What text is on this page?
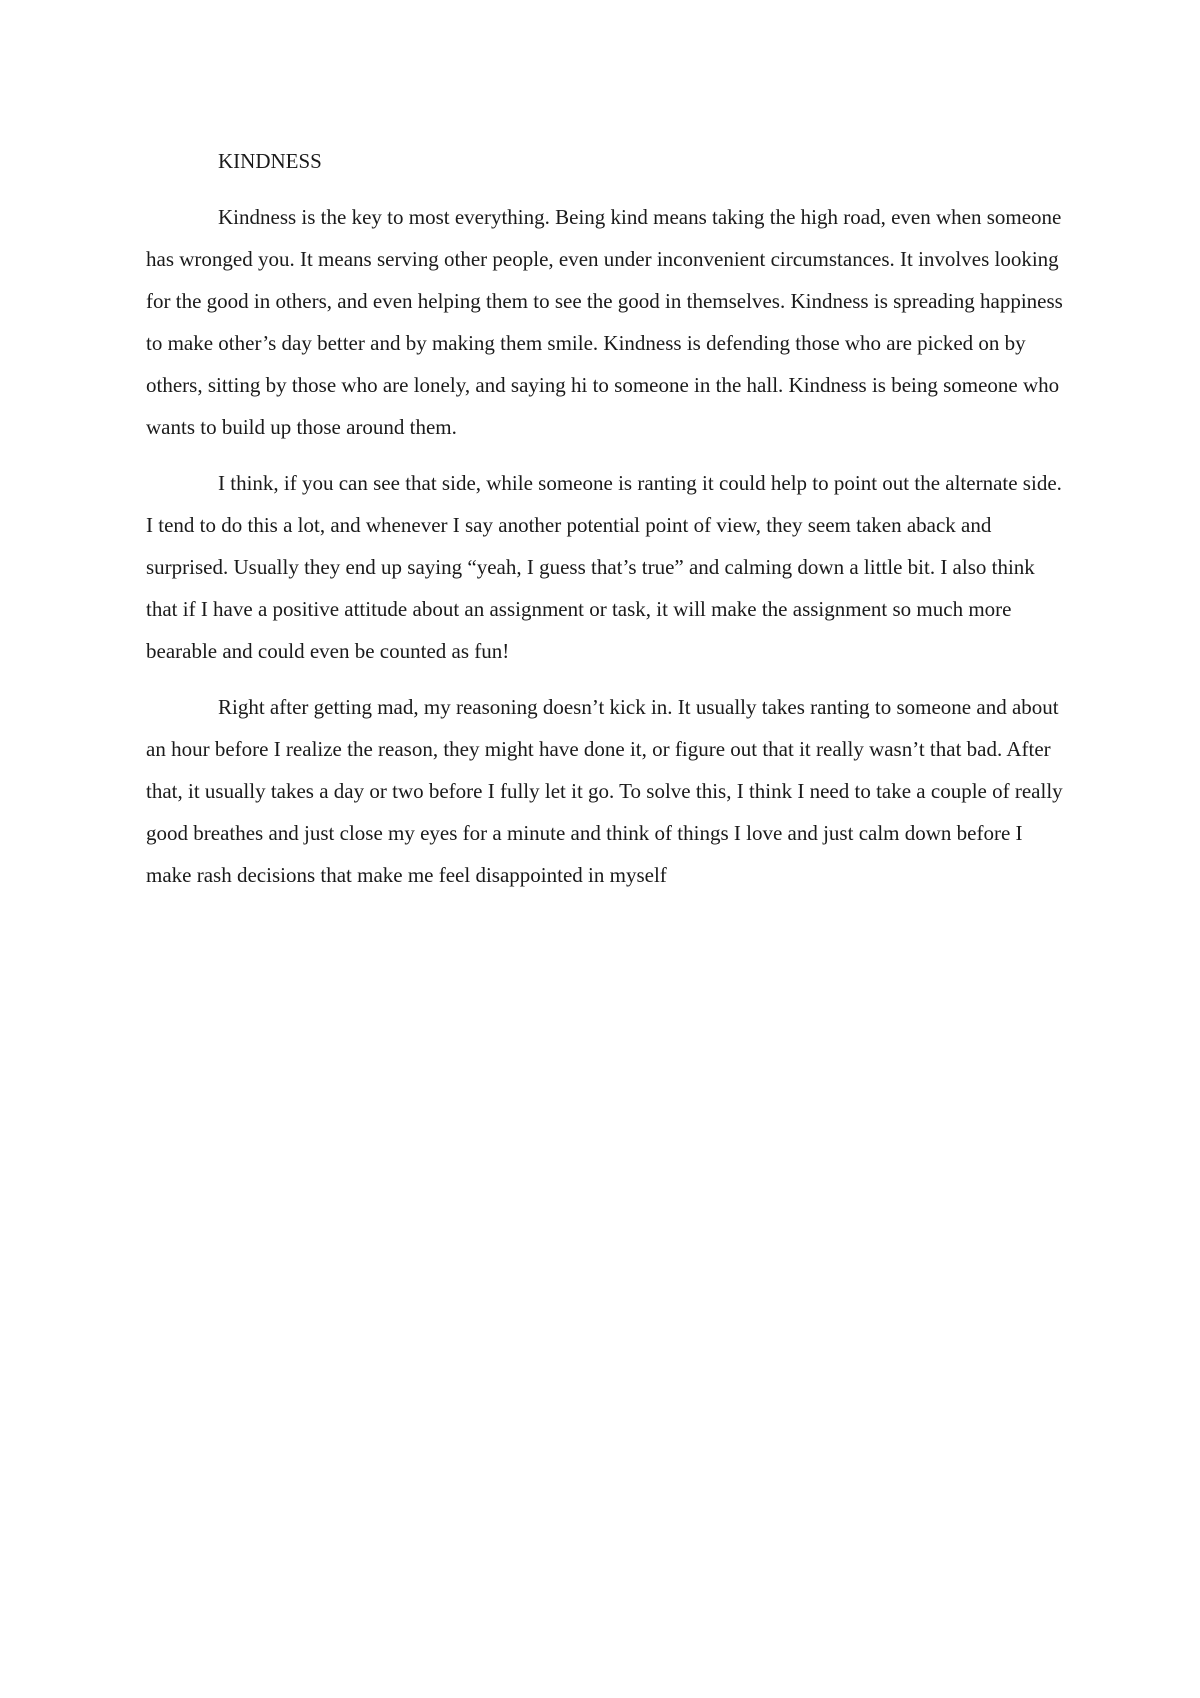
KINDNESS

Kindness is the key to most everything. Being kind means taking the high road, even when someone has wronged you. It means serving other people, even under inconvenient circumstances. It involves looking for the good in others, and even helping them to see the good in themselves. Kindness is spreading happiness to make other’s day better and by making them smile. Kindness is defending those who are picked on by others, sitting by those who are lonely, and saying hi to someone in the hall. Kindness is being someone who wants to build up those around them.

I think, if you can see that side, while someone is ranting it could help to point out the alternate side. I tend to do this a lot, and whenever I say another potential point of view, they seem taken aback and surprised. Usually they end up saying “yeah, I guess that’s true” and calming down a little bit. I also think that if I have a positive attitude about an assignment or task, it will make the assignment so much more bearable and could even be counted as fun!

Right after getting mad, my reasoning doesn’t kick in. It usually takes ranting to someone and about an hour before I realize the reason, they might have done it, or figure out that it really wasn’t that bad. After that, it usually takes a day or two before I fully let it go. To solve this, I think I need to take a couple of really good breathes and just close my eyes for a minute and think of things I love and just calm down before I make rash decisions that make me feel disappointed in myself
